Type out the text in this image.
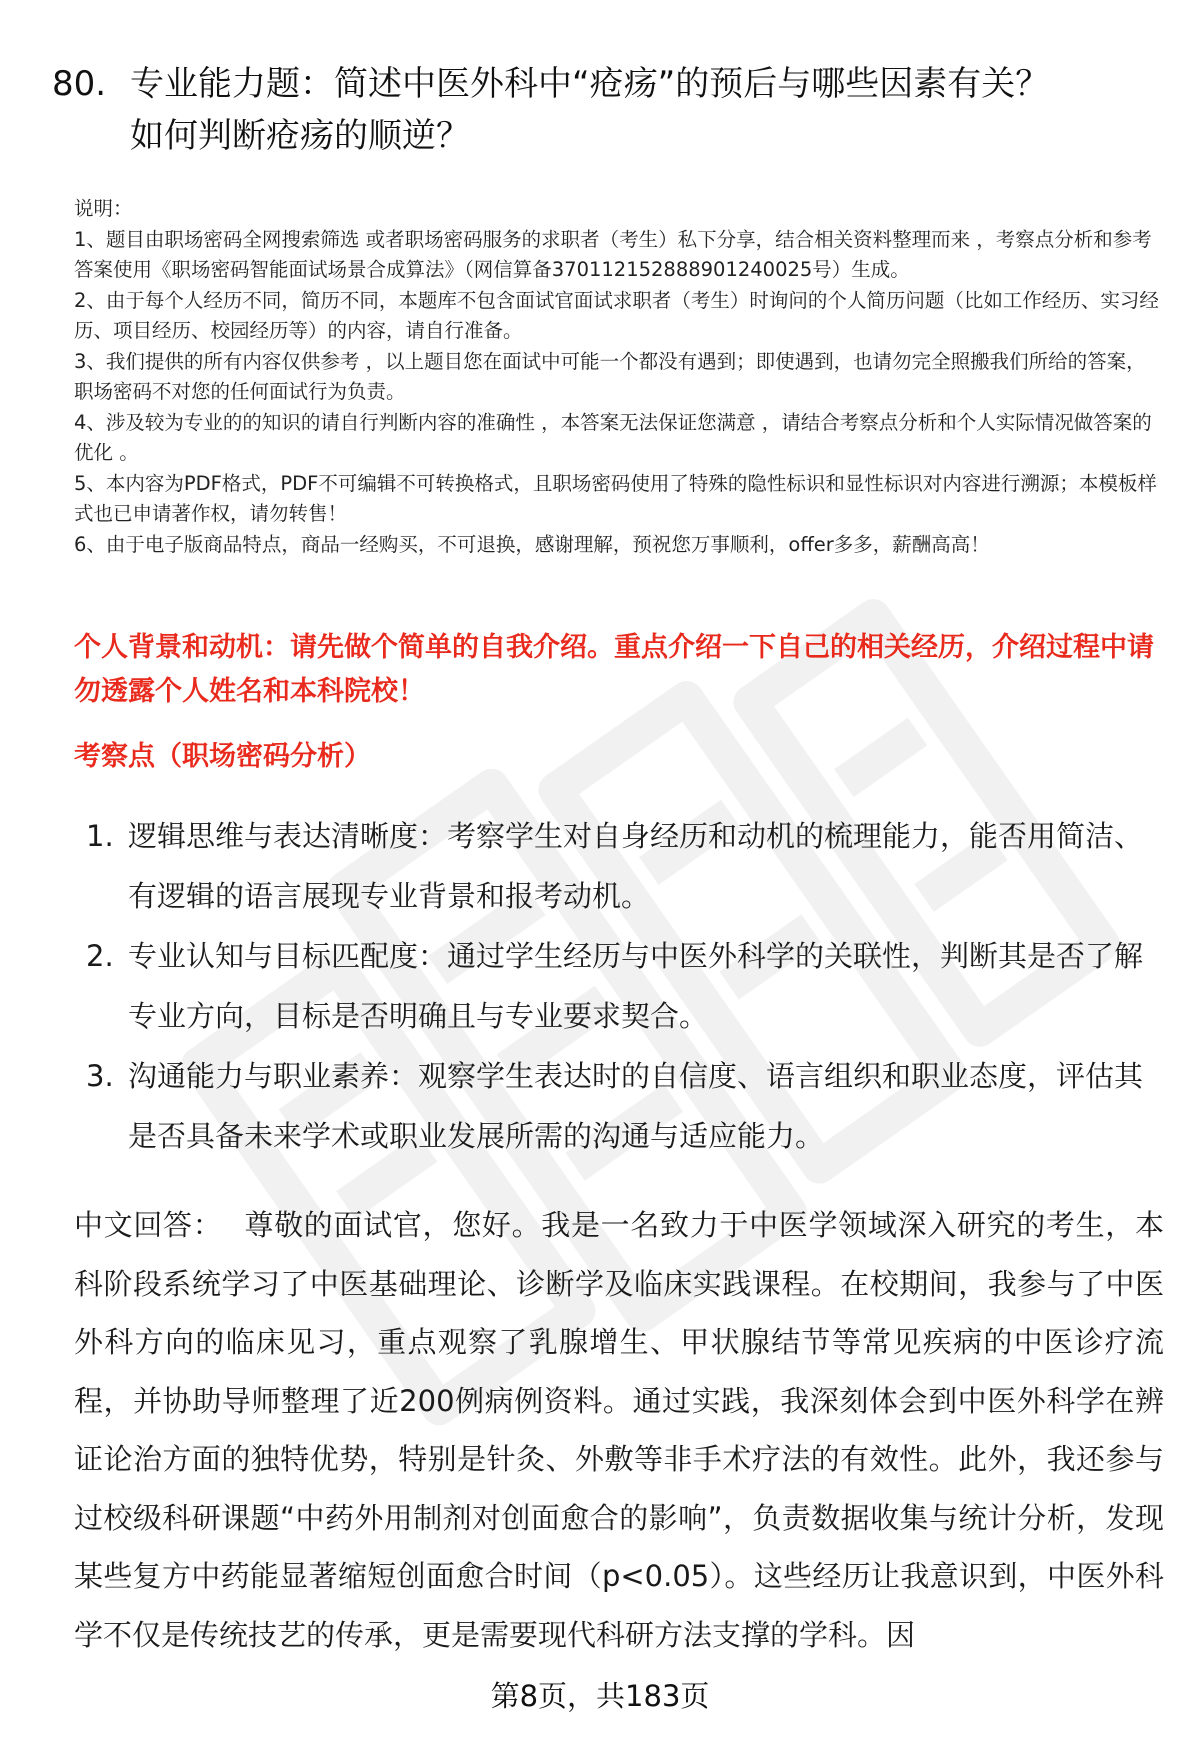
80. 专业能力题：简述中医外科中“疮疡”的预后与哪些因素有关？
如何判断疮疡的顺逆？

说明：

1、题目由职场密码全网搜索筛选 或者职场密码服务的求职者（考生）私下分享，结合相关资料整理而来 ，考察点分析和参考答案使用《职场密码智能面试场景合成算法》（网信算备370112152888901240025号）生成。

2、由于每个人经历不同，简历不同，本题库不包含面试官面试求职者（考生）时询问的个人简历问题（比如工作经历、实习经历、项目经历、校园经历等）的内容，请自行准备。

3、我们提供的所有内容仅供参考 ，以上题目您在面试中可能一个都没有遇到；即使遇到，也请勿完全照搬我们所给的答案，职场密码不对您的任何面试行为负责。

4、涉及较为专业的的知识的请自行判断内容的准确性 ，本答案无法保证您满意 ，请结合考察点分析和个人实际情况做答案的优化 。

5、本内容为PDF格式，PDF不可编辑不可转换格式，且职场密码使用了特殊的隐性标识和显性标识对内容进行溯源；本模板样式也已申请著作权，请勿转售！

6、由于电子版商品特点，商品一经购买，不可退换，感谢理解，预祝您万事顺利，offer多多，薪酬高高！

个人背景和动机：请先做个简单的自我介绍。重点介绍一下自己的相关经历，介绍过程中请勿透露个人姓名和本科院校！

考察点（职场密码分析）

1. 逻辑思维与表达清晰度：考察学生对自身经历和动机的梳理能力，能否用简洁、有逻辑的语言展现专业背景和报考动机。
2. 专业认知与目标匹配度：通过学生经历与中医外科学的关联性，判断其是否了解专业方向，目标是否明确且与专业要求契合。
3. 沟通能力与职业素养：观察学生表达时的自信度、语言组织和职业态度，评估其是否具备未来学术或职业发展所需的沟通与适应能力。

中文回答： 尊敬的面试官，您好。我是一名致力于中医学领域深入研究的考生，本科阶段系统学习了中医基础理论、诊断学及临床实践课程。在校期间，我参与了中医外科方向的临床见习，重点观察了乳腺增生、甲状腺结节等常见疾病的中医诊疗流程，并协助导师整理了近200例病例资料。通过实践，我深刻体会到中医外科学在辨证论治方面的独特优势，特别是针灸、外敷等非手术疗法的有效性。此外，我还参与过校级科研课题“中药外用制剂对创面愈合的影响”，负责数据收集与统计分析，发现某些复方中药能显著缩短创面愈合时间（p<0.05）。这些经历让我意识到，中医外科学不仅是传统技艺的传承，更是需要现代科研方法支撑的学科。因

第8页，共183页
